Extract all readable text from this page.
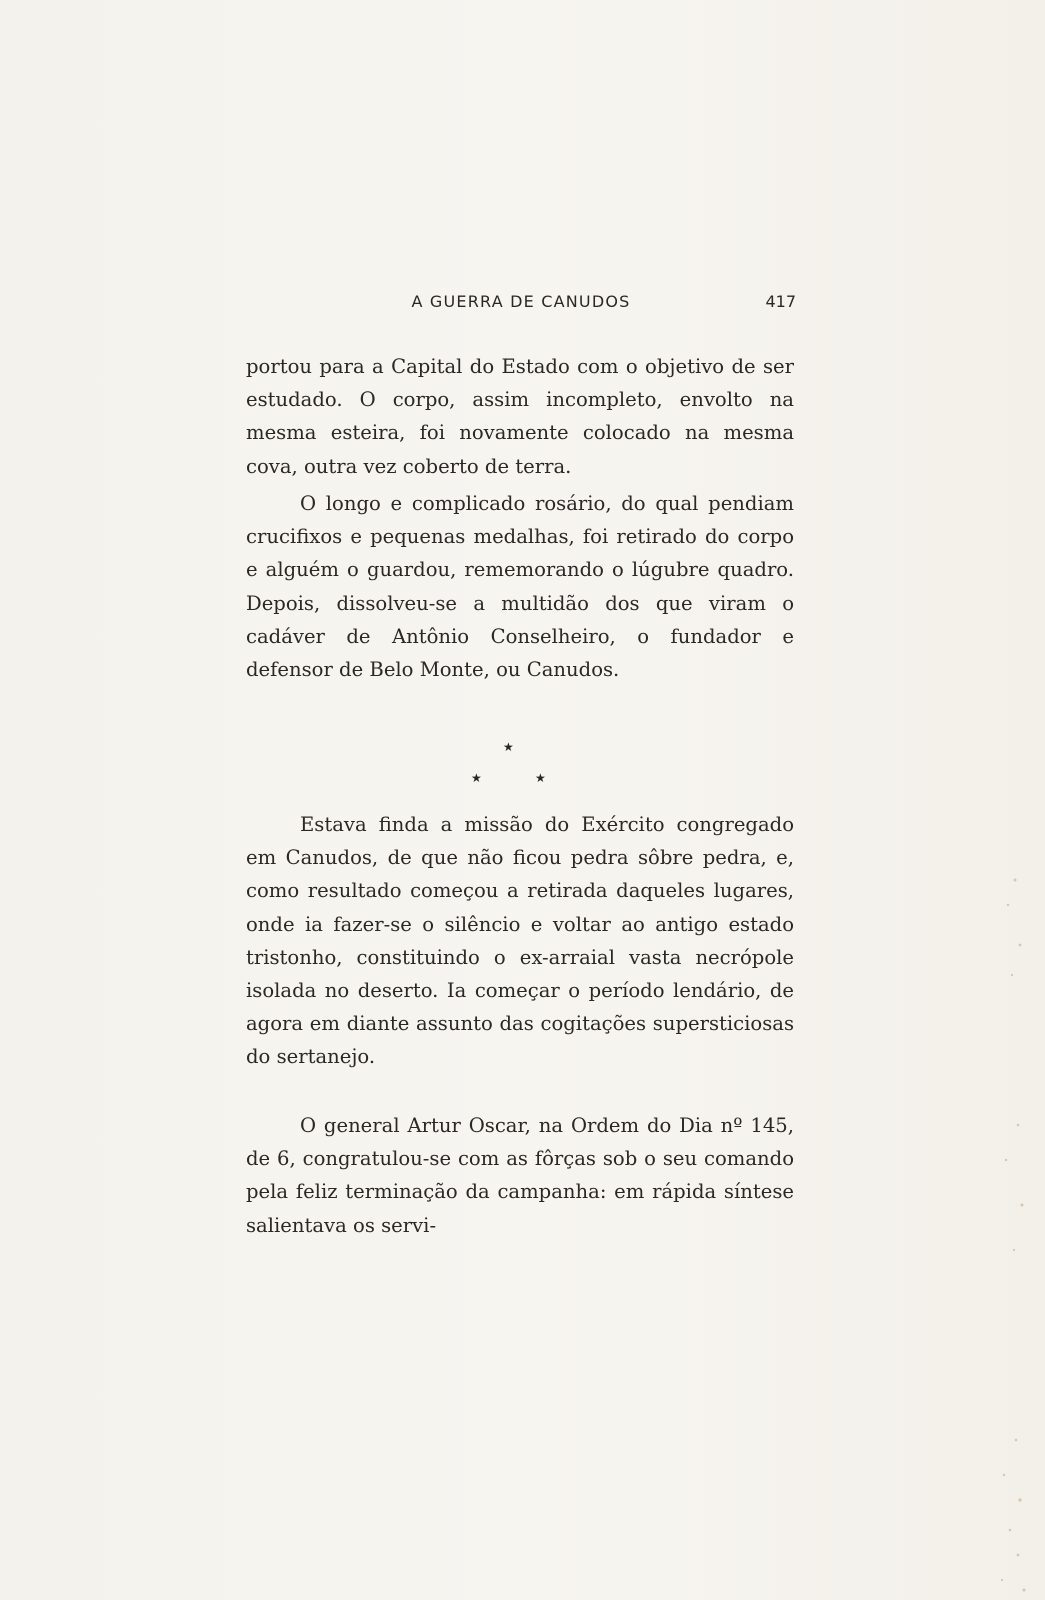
A GUERRA DE CANUDOS	417

portou para a Capital do Estado com o objetivo de ser estudado. O corpo, assim incompleto, envolto na mesma esteira, foi novamente colocado na mesma cova, outra vez coberto de terra.

O longo e complicado rosário, do qual pendiam crucifixos e pequenas medalhas, foi retirado do corpo e alguém o guardou, rememorando o lúgubre quadro. Depois, dissolveu-se a multidão dos que viram o cadáver de Antônio Conselheiro, o fundador e defensor de Belo Monte, ou Canudos.

★
★	★

Estava finda a missão do Exército congregado em Canudos, de que não ficou pedra sôbre pedra, e, como resultado começou a retirada daqueles lugares, onde ia fazer-se o silêncio e voltar ao antigo estado tristonho, constituindo o ex-arraial vasta necrópole isolada no deserto. Ia começar o período lendário, de agora em diante assunto das cogitações supersticiosas do sertanejo.

O general Artur Oscar, na Ordem do Dia nº 145, de 6, congratulou-se com as fôrças sob o seu comando pela feliz terminação da campanha: em rápida síntese salientava os servi-
